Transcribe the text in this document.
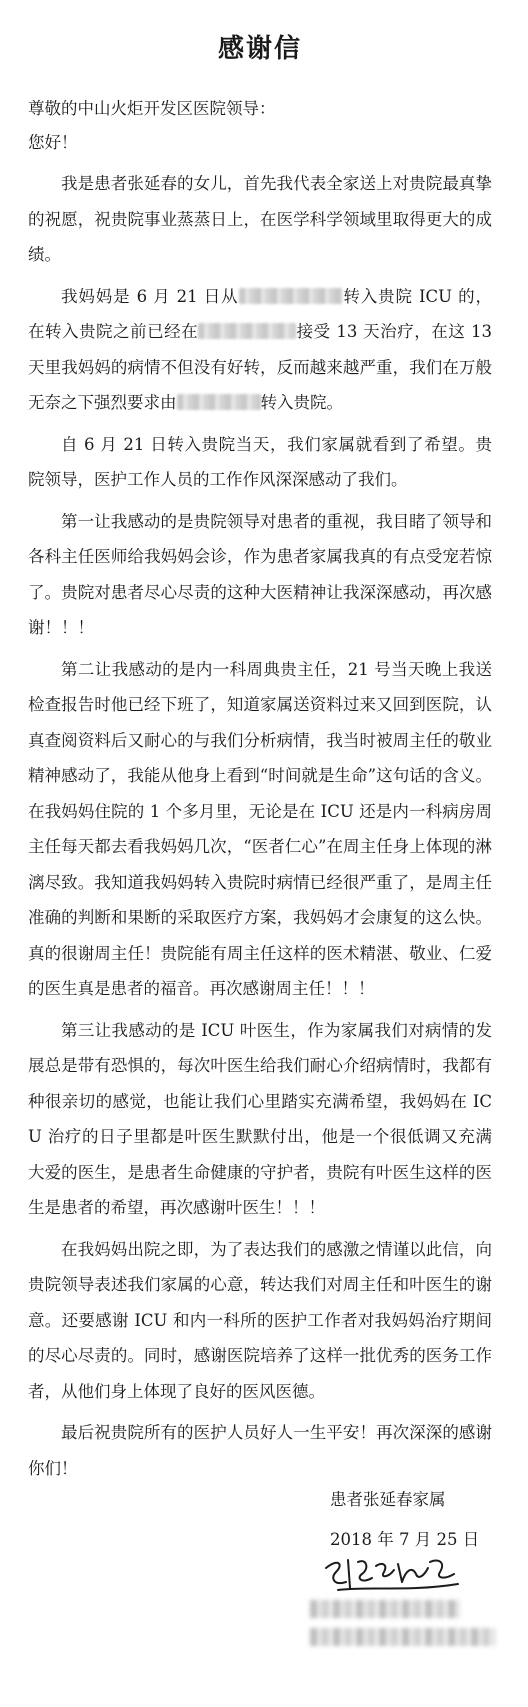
感谢信

尊敬的中山火炬开发区医院领导：

您好！

我是患者张延春的女儿，首先我代表全家送上对贵院最真挚的祝愿，祝贵院事业蒸蒸日上，在医学科学领域里取得更大的成绩。

我妈妈是 6 月 21 日从	转入贵院 ICU 的，在转入贵院之前已经在	接受 13 天治疗，在这 13 天里我妈妈的病情不但没有好转，反而越来越严重，我们在万般无奈之下强烈要求由	转入贵院。

自 6 月 21 日转入贵院当天，我们家属就看到了希望。贵院领导，医护工作人员的工作作风深深感动了我们。

第一让我感动的是贵院领导对患者的重视，我目睹了领导和各科主任医师给我妈妈会诊，作为患者家属我真的有点受宠若惊了。贵院对患者尽心尽责的这种大医精神让我深深感动，再次感谢！！！

第二让我感动的是内一科周典贵主任，21 号当天晚上我送检查报告时他已经下班了，知道家属送资料过来又回到医院，认真查阅资料后又耐心的与我们分析病情，我当时被周主任的敬业精神感动了，我能从他身上看到“时间就是生命”这句话的含义。在我妈妈住院的 1 个多月里，无论是在 ICU 还是内一科病房周主任每天都去看我妈妈几次，“医者仁心”在周主任身上体现的淋漓尽致。我知道我妈妈转入贵院时病情已经很严重了，是周主任准确的判断和果断的采取医疗方案，我妈妈才会康复的这么快。真的很谢周主任！贵院能有周主任这样的医术精湛、敬业、仁爱的医生真是患者的福音。再次感谢周主任！！！

第三让我感动的是 ICU 叶医生，作为家属我们对病情的发展总是带有恐惧的，每次叶医生给我们耐心介绍病情时，我都有种很亲切的感觉，也能让我们心里踏实充满希望，我妈妈在 ICU 治疗的日子里都是叶医生默默付出，他是一个很低调又充满大爱的医生，是患者生命健康的守护者，贵院有叶医生这样的医生是患者的希望，再次感谢叶医生！！！

在我妈妈出院之即，为了表达我们的感激之情谨以此信，向贵院领导表述我们家属的心意，转达我们对周主任和叶医生的谢意。还要感谢 ICU 和内一科所的医护工作者对我妈妈治疗期间的尽心尽责的。同时，感谢医院培养了这样一批优秀的医务工作者，从他们身上体现了良好的医风医德。

最后祝贵院所有的医护人员好人一生平安！再次深深的感谢你们！

患者张延春家属
2018 年 7 月 25 日
